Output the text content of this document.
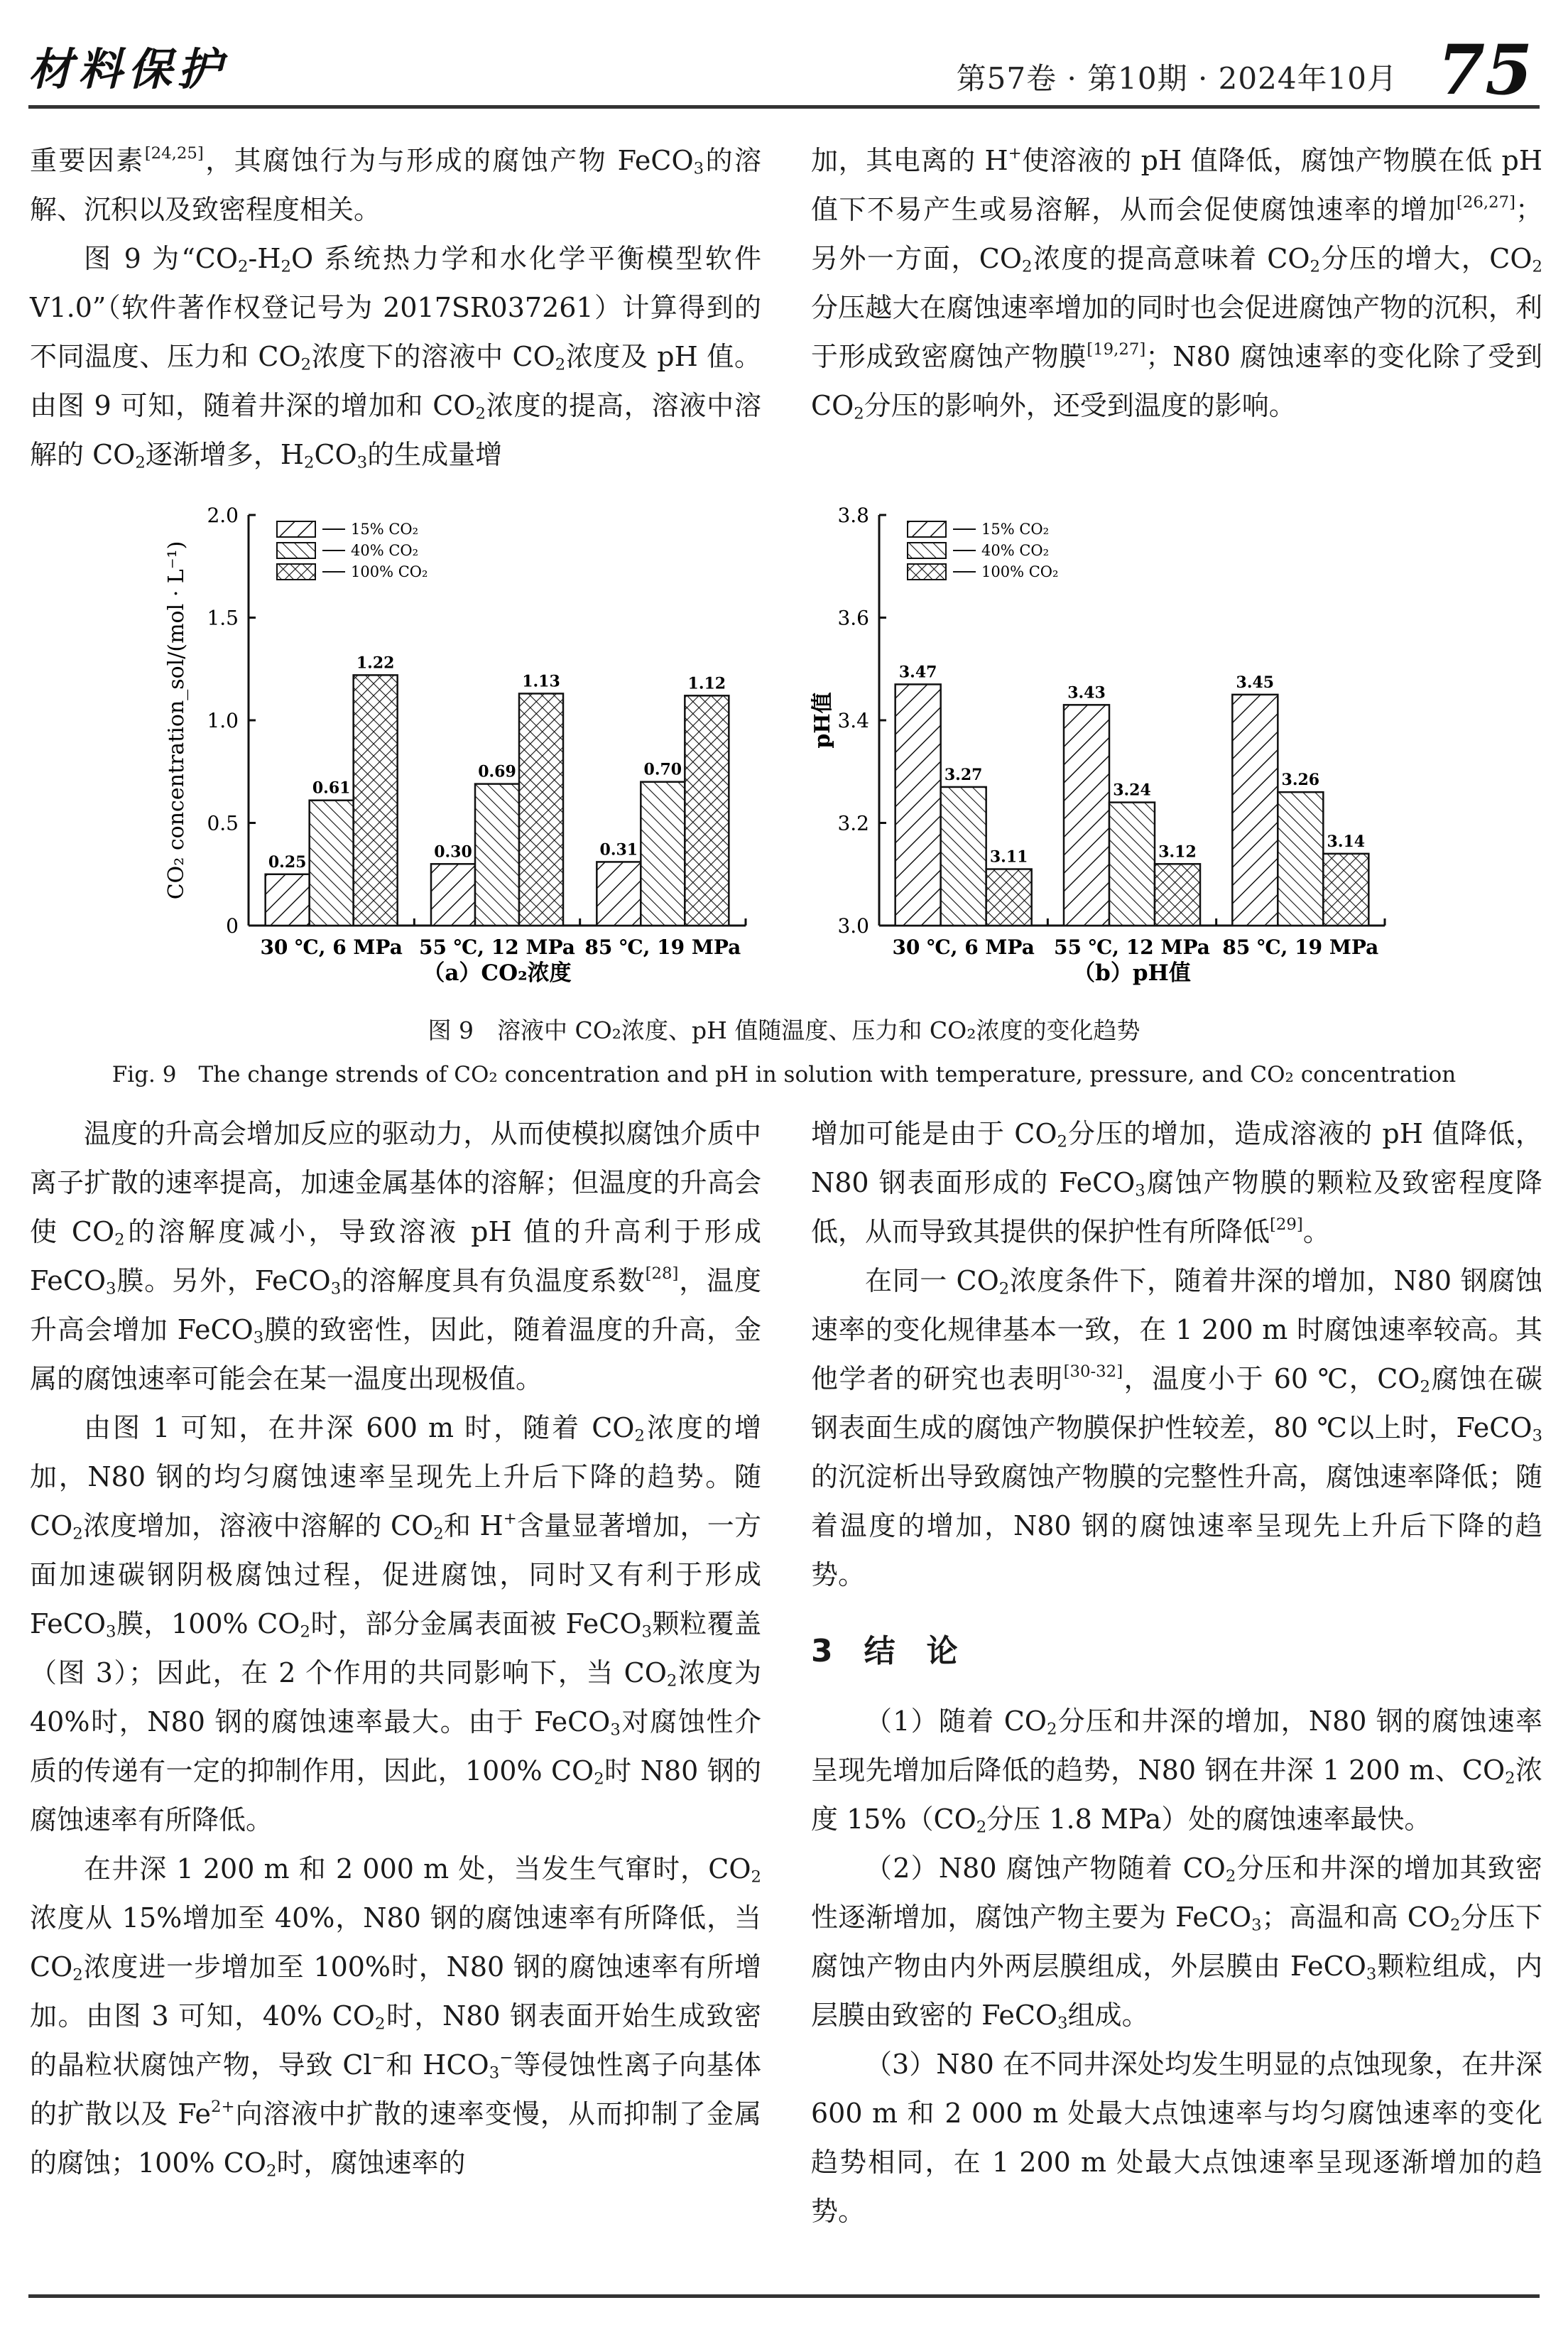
材料保护	第57卷 · 第10期 · 2024年10月 75

重要因素[24,25]，其腐蚀行为与形成的腐蚀产物 FeCO$_3$的溶解、沉积以及致密程度相关。

图 9 为“$CO_2-H_2O$ 系统热力学和水化学平衡模型软件 V1.0”（软件著作权登记号为 2017SR037261）计算得到的不同温度、压力和 $CO_2$浓度下的溶液中 $CO_2$浓度及 pH 值。由图 9 可知，随着井深的增加和 $CO_2$浓度的提高，溶液中溶解的 $CO_2$逐渐增多，$H_2CO_3$的生成量增

加，其电离的 H+使溶液的 pH 值降低，腐蚀产物膜在低 pH 值下不易产生或易溶解，从而会促使腐蚀速率的增加[26,27]；另外一方面，$CO_2$浓度的提高意味着 $CO_2$分压的增大，$CO_2$分压越大在腐蚀速率增加的同时也会促进腐蚀产物的沉积，利于形成致密腐蚀产物膜[19,27]；N80 腐蚀速率的变化除了受到 $CO_2$分压的影响外，还受到温度的影响。

0
0.5
1.0
1.5
2.0
0.25
0.61
1.22
30 ℃, 6 MPa
0.30
0.69
1.13
55 ℃, 12 MPa
0.31
0.70
1.12
85 ℃, 19 MPa
CO₂ concentration_sol/(mol · L⁻¹)
（a）CO₂浓度
15% CO₂
40% CO₂
100% CO₂
3.0
3.2
3.4
3.6
3.8
3.47
3.27
3.11
30 ℃, 6 MPa
3.43
3.24
3.12
55 ℃, 12 MPa
3.45
3.26
3.14
85 ℃, 19 MPa
pH值
（b）pH值
15% CO₂
40% CO₂
100% CO₂
图 9　溶液中 CO₂浓度、pH 值随温度、压力和 CO₂浓度的变化趋势
Fig. 9　The change strends of CO₂ concentration and pH in solution with temperature, pressure, and CO₂ concentration

温度的升高会增加反应的驱动力，从而使模拟腐蚀介质中离子扩散的速率提高，加速金属基体的溶解；但温度的升高会使 $CO_2$的溶解度减小，导致溶液 pH 值的升高利于形成 FeCO$_3$膜。另外，FeCO$_3$的溶解度具有负温度系数[28]，温度升高会增加 FeCO$_3$膜的致密性，因此，随着温度的升高，金属的腐蚀速率可能会在某一温度出现极值。

由图 1 可知，在井深 600 m 时，随着 $CO_2$浓度的增加，N80 钢的均匀腐蚀速率呈现先上升后下降的趋势。随 $CO_2$浓度增加，溶液中溶解的 $CO_2$和 H+含量显著增加，一方面加速碳钢阴极腐蚀过程，促进腐蚀，同时又有利于形成 FeCO$_3$膜，100% $CO_2$时，部分金属表面被 FeCO$_3$颗粒覆盖（图 3）；因此，在 2 个作用的共同影响下，当 $CO_2$浓度为 40%时，N80 钢的腐蚀速率最大。由于 FeCO$_3$对腐蚀性介质的传递有一定的抑制作用，因此，100% $CO_2$时 N80 钢的腐蚀速率有所降低。

在井深 1 200 m 和 2 000 m 处，当发生气窜时，$CO_2$浓度从 15%增加至 40%，N80 钢的腐蚀速率有所降低，当 $CO_2$浓度进一步增加至 100%时，N80 钢的腐蚀速率有所增加。由图 3 可知，40% $CO_2$时，N80 钢表面开始生成致密的晶粒状腐蚀产物，导致 Cl−和 $HCO_3^-$等侵蚀性离子向基体的扩散以及 $Fe^{2+}$向溶液中扩散的速率变慢，从而抑制了金属的腐蚀；100% $CO_2$时，腐蚀速率的

增加可能是由于 $CO_2$分压的增加，造成溶液的 pH 值降低，N80 钢表面形成的 FeCO$_3$腐蚀产物膜的颗粒及致密程度降低，从而导致其提供的保护性有所降低[29]。

在同一 $CO_2$浓度条件下，随着井深的增加，N80 钢腐蚀速率的变化规律基本一致，在 1 200 m 时腐蚀速率较高。其他学者的研究也表明[30-32]，温度小于 60 ℃，$CO_2$腐蚀在碳钢表面生成的腐蚀产物膜保护性较差，80 ℃以上时，FeCO$_3$的沉淀析出导致腐蚀产物膜的完整性升高，腐蚀速率降低；随着温度的增加，N80 钢的腐蚀速率呈现先上升后下降的趋势。

3　结　论

（1）随着 $CO_2$分压和井深的增加，N80 钢的腐蚀速率呈现先增加后降低的趋势，N80 钢在井深 1 200 m、$CO_2$浓度 $15\%(CO_2$分压 1.8 MPa）处的腐蚀速率最快。

（2）N80 腐蚀产物随着 $CO_2$分压和井深的增加其致密性逐渐增加，腐蚀产物主要为 FeCO$_3$；高温和高 $CO_2$分压下腐蚀产物由内外两层膜组成，外层膜由 FeCO$_3$颗粒组成，内层膜由致密的 FeCO$_3$组成。

（3）N80 在不同井深处均发生明显的点蚀现象，在井深 600 m 和 2 000 m 处最大点蚀速率与均匀腐蚀速率的变化趋势相同，在 1 200 m 处最大点蚀速率呈现逐渐增加的趋势。
